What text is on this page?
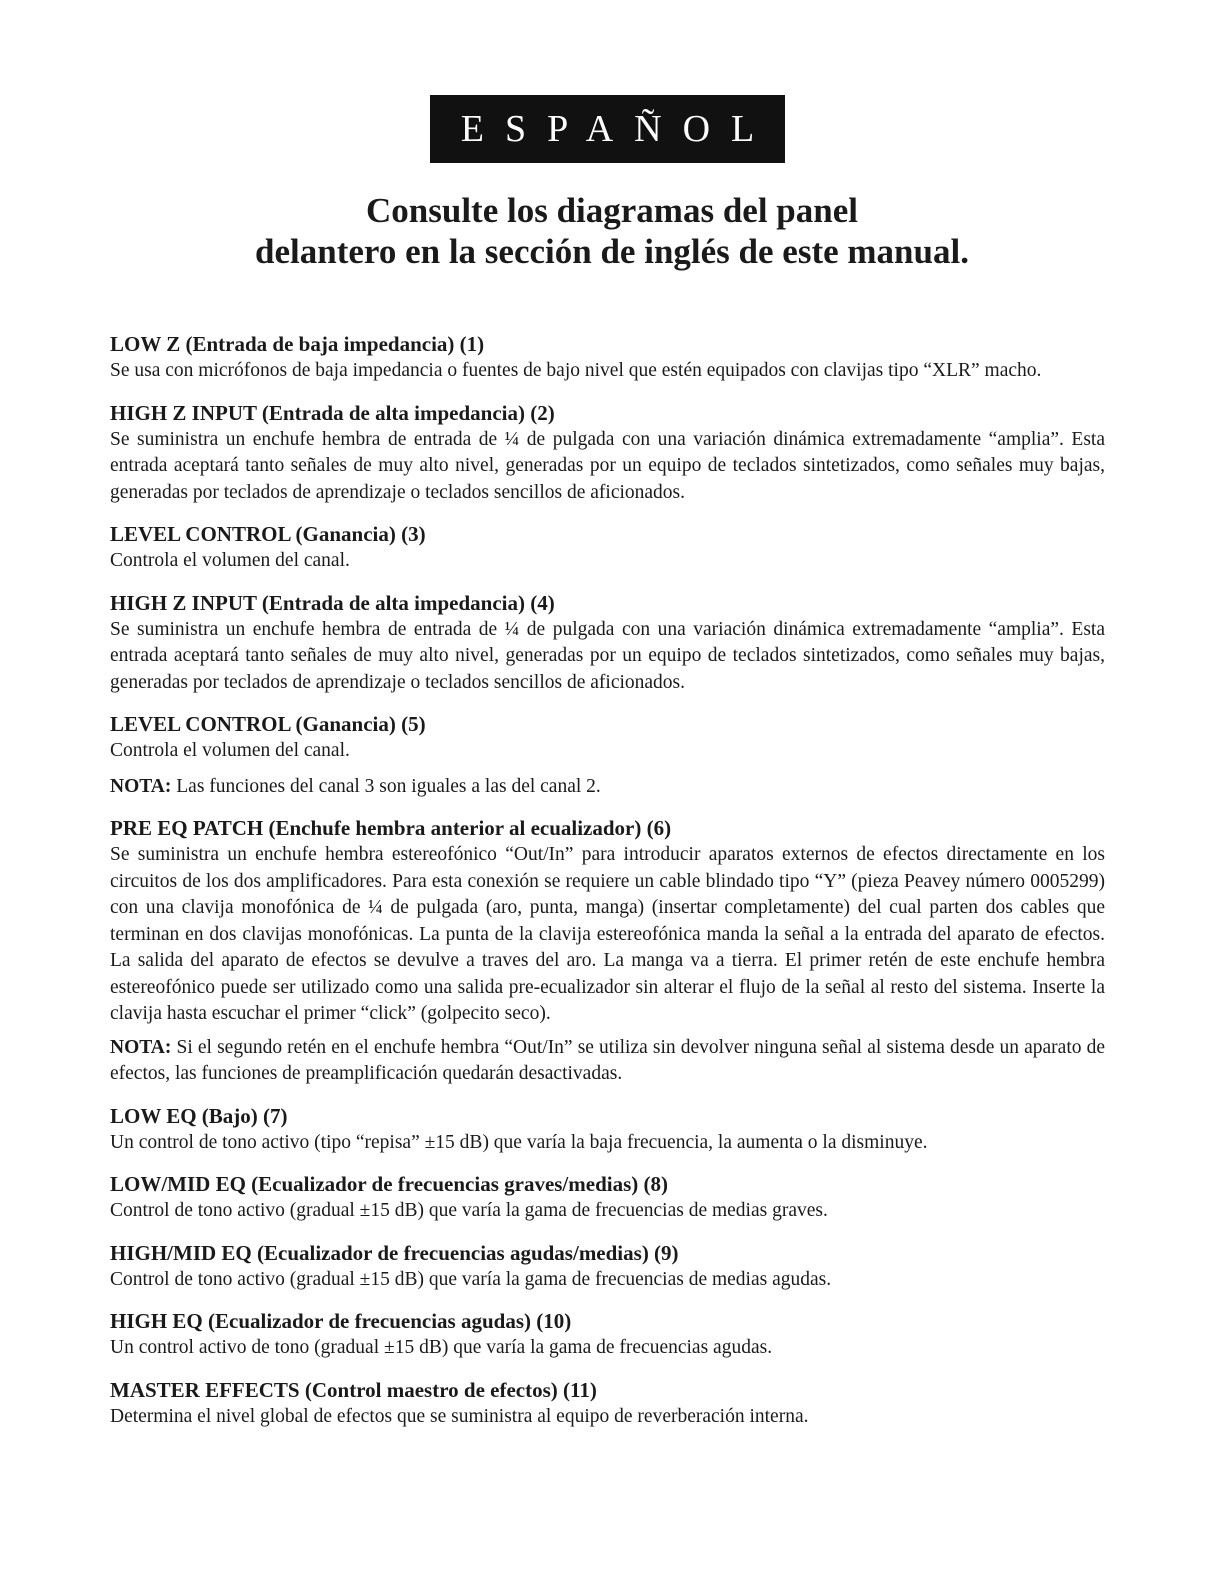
ESPAÑOL
Consulte los diagramas del panel
delantero en la sección de inglés de este manual.

LOW Z (Entrada de baja impedancia) (1)

Se usa con micrófonos de baja impedancia o fuentes de bajo nivel que estén equipados con clavijas tipo “XLR” macho.

HIGH Z INPUT (Entrada de alta impedancia) (2)

Se suministra un enchufe hembra de entrada de ¼ de pulgada con una variación dinámica extremadamente “amplia”. Esta entrada aceptará tanto señales de muy alto nivel, generadas por un equipo de teclados sintetizados, como señales muy bajas, generadas por teclados de aprendizaje o teclados sencillos de aficionados.

LEVEL CONTROL (Ganancia) (3)

Controla el volumen del canal.

HIGH Z INPUT (Entrada de alta impedancia) (4)

Se suministra un enchufe hembra de entrada de ¼ de pulgada con una variación dinámica extremadamente “amplia”. Esta entrada aceptará tanto señales de muy alto nivel, generadas por un equipo de teclados sintetizados, como señales muy bajas, generadas por teclados de aprendizaje o teclados sencillos de aficionados.

LEVEL CONTROL (Ganancia) (5)

Controla el volumen del canal.

NOTA: Las funciones del canal 3 son iguales a las del canal 2.

PRE EQ PATCH (Enchufe hembra anterior al ecualizador) (6)

Se suministra un enchufe hembra estereofónico “Out/In” para introducir aparatos externos de efectos directamente en los circuitos de los dos amplificadores. Para esta conexión se requiere un cable blindado tipo “Y” (pieza Peavey número 0005299) con una clavija monofónica de ¼ de pulgada (aro, punta, manga) (insertar completamente) del cual parten dos cables que terminan en dos clavijas monofónicas. La punta de la clavija estereofónica manda la señal a la entrada del aparato de efectos. La salida del aparato de efectos se devulve a traves del aro. La manga va a tierra. El primer retén de este enchufe hembra estereofónico puede ser utilizado como una salida pre-ecualizador sin alterar el flujo de la señal al resto del sistema. Inserte la clavija hasta escuchar el primer “click” (golpecito seco).

NOTA: Si el segundo retén en el enchufe hembra “Out/In” se utiliza sin devolver ninguna señal al sistema desde un aparato de efectos, las funciones de preamplificación quedarán desactivadas.

LOW EQ (Bajo) (7)

Un control de tono activo (tipo “repisa” ±15 dB) que varía la baja frecuencia, la aumenta o la disminuye.

LOW/MID EQ (Ecualizador de frecuencias graves/medias) (8)

Control de tono activo (gradual ±15 dB) que varía la gama de frecuencias de medias graves.

HIGH/MID EQ (Ecualizador de frecuencias agudas/medias) (9)

Control de tono activo (gradual ±15 dB) que varía la gama de frecuencias de medias agudas.

HIGH EQ (Ecualizador de frecuencias agudas) (10)

Un control activo de tono (gradual ±15 dB) que varía la gama de frecuencias agudas.

MASTER EFFECTS (Control maestro de efectos) (11)

Determina el nivel global de efectos que se suministra al equipo de reverberación interna.
